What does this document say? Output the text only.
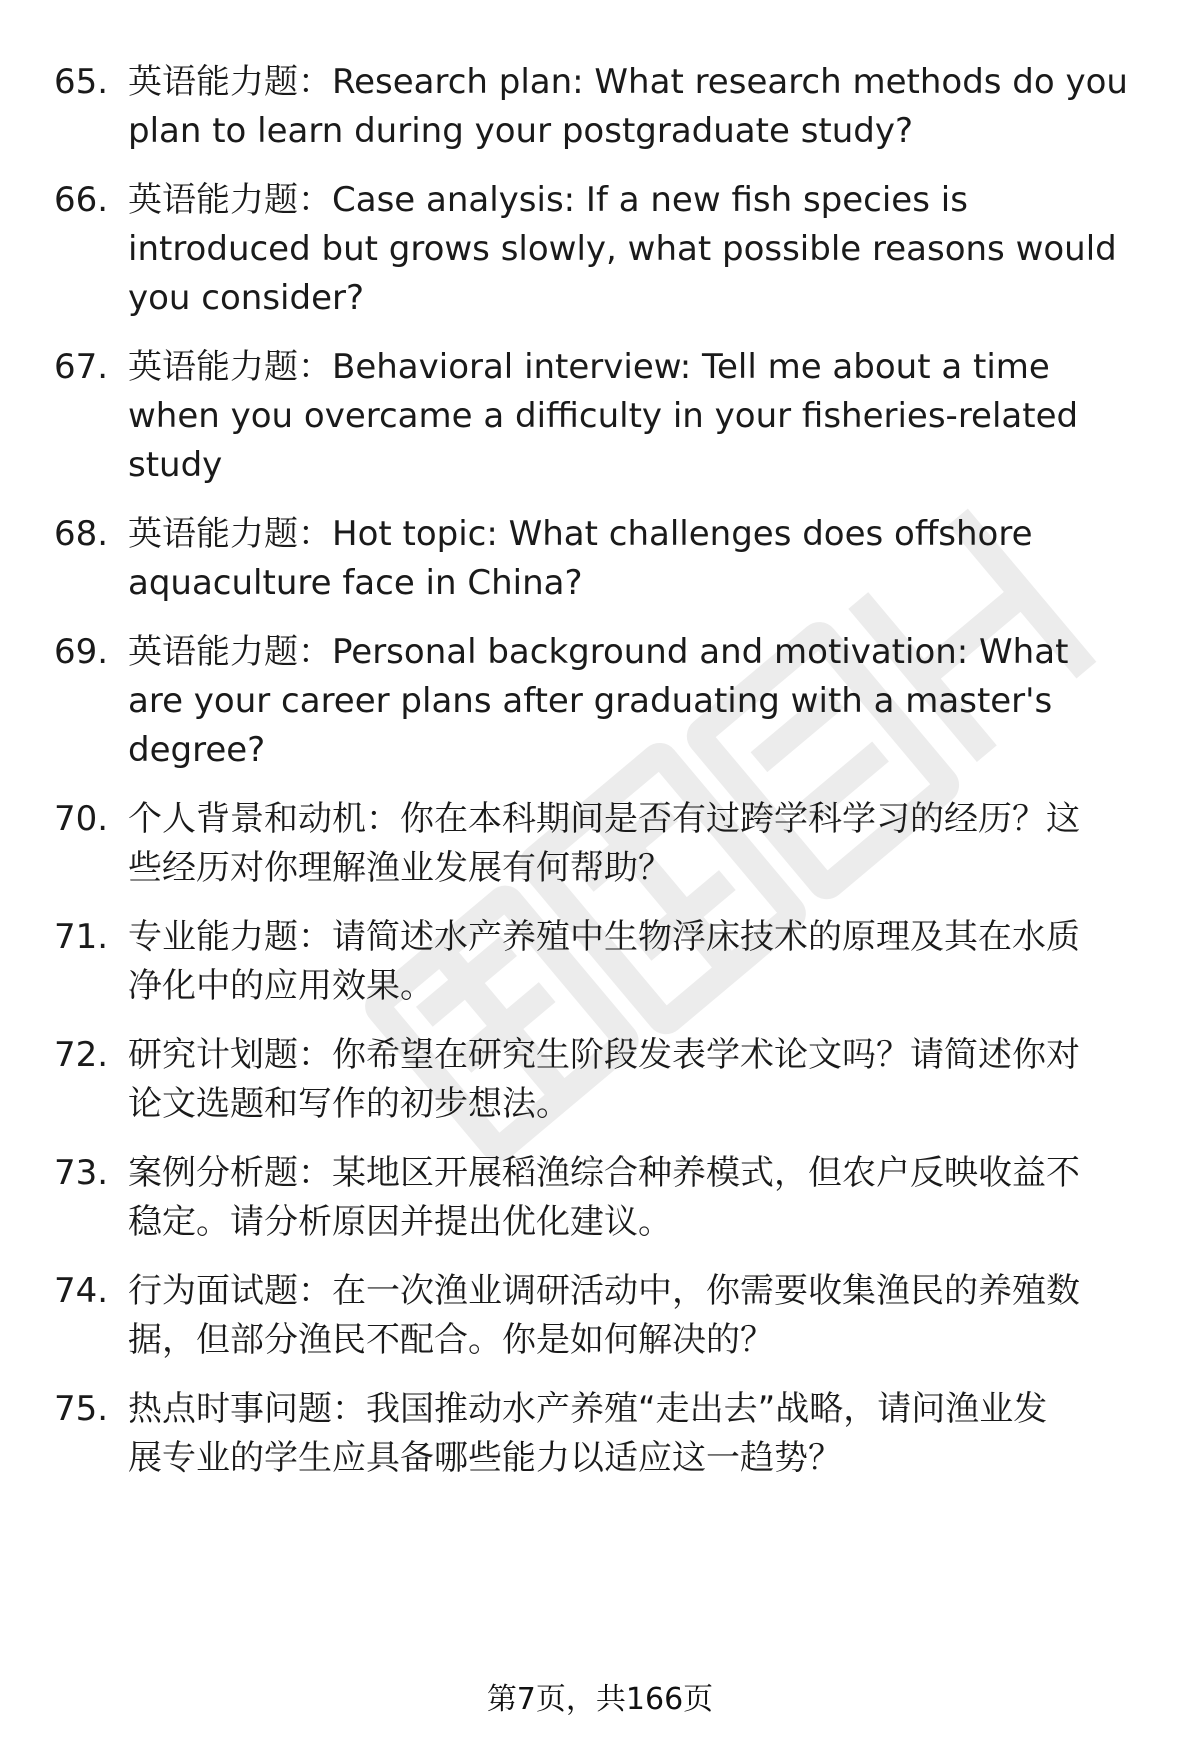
65. 英语能力题：Research plan: What research methods do you
plan to learn during your postgraduate study?
66. 英语能力题：Case analysis: If a new fish species is
introduced but grows slowly, what possible reasons would
you consider?
67. 英语能力题：Behavioral interview: Tell me about a time
when you overcame a difficulty in your fisheries-related
study
68. 英语能力题：Hot topic: What challenges does offshore
aquaculture face in China?
69. 英语能力题：Personal background and motivation: What
are your career plans after graduating with a master's
degree?
70. 个人背景和动机：你在本科期间是否有过跨学科学习的经历？这
些经历对你理解渔业发展有何帮助？
71. 专业能力题：请简述水产养殖中生物浮床技术的原理及其在水质
净化中的应用效果。
72. 研究计划题：你希望在研究生阶段发表学术论文吗？请简述你对
论文选题和写作的初步想法。
73. 案例分析题：某地区开展稻渔综合种养模式，但农户反映收益不
稳定。请分析原因并提出优化建议。
74. 行为面试题：在一次渔业调研活动中，你需要收集渔民的养殖数
据，但部分渔民不配合。你是如何解决的？
75. 热点时事问题：我国推动水产养殖“走出去”战略，请问渔业发
展专业的学生应具备哪些能力以适应这一趋势？
第7页，共166页
